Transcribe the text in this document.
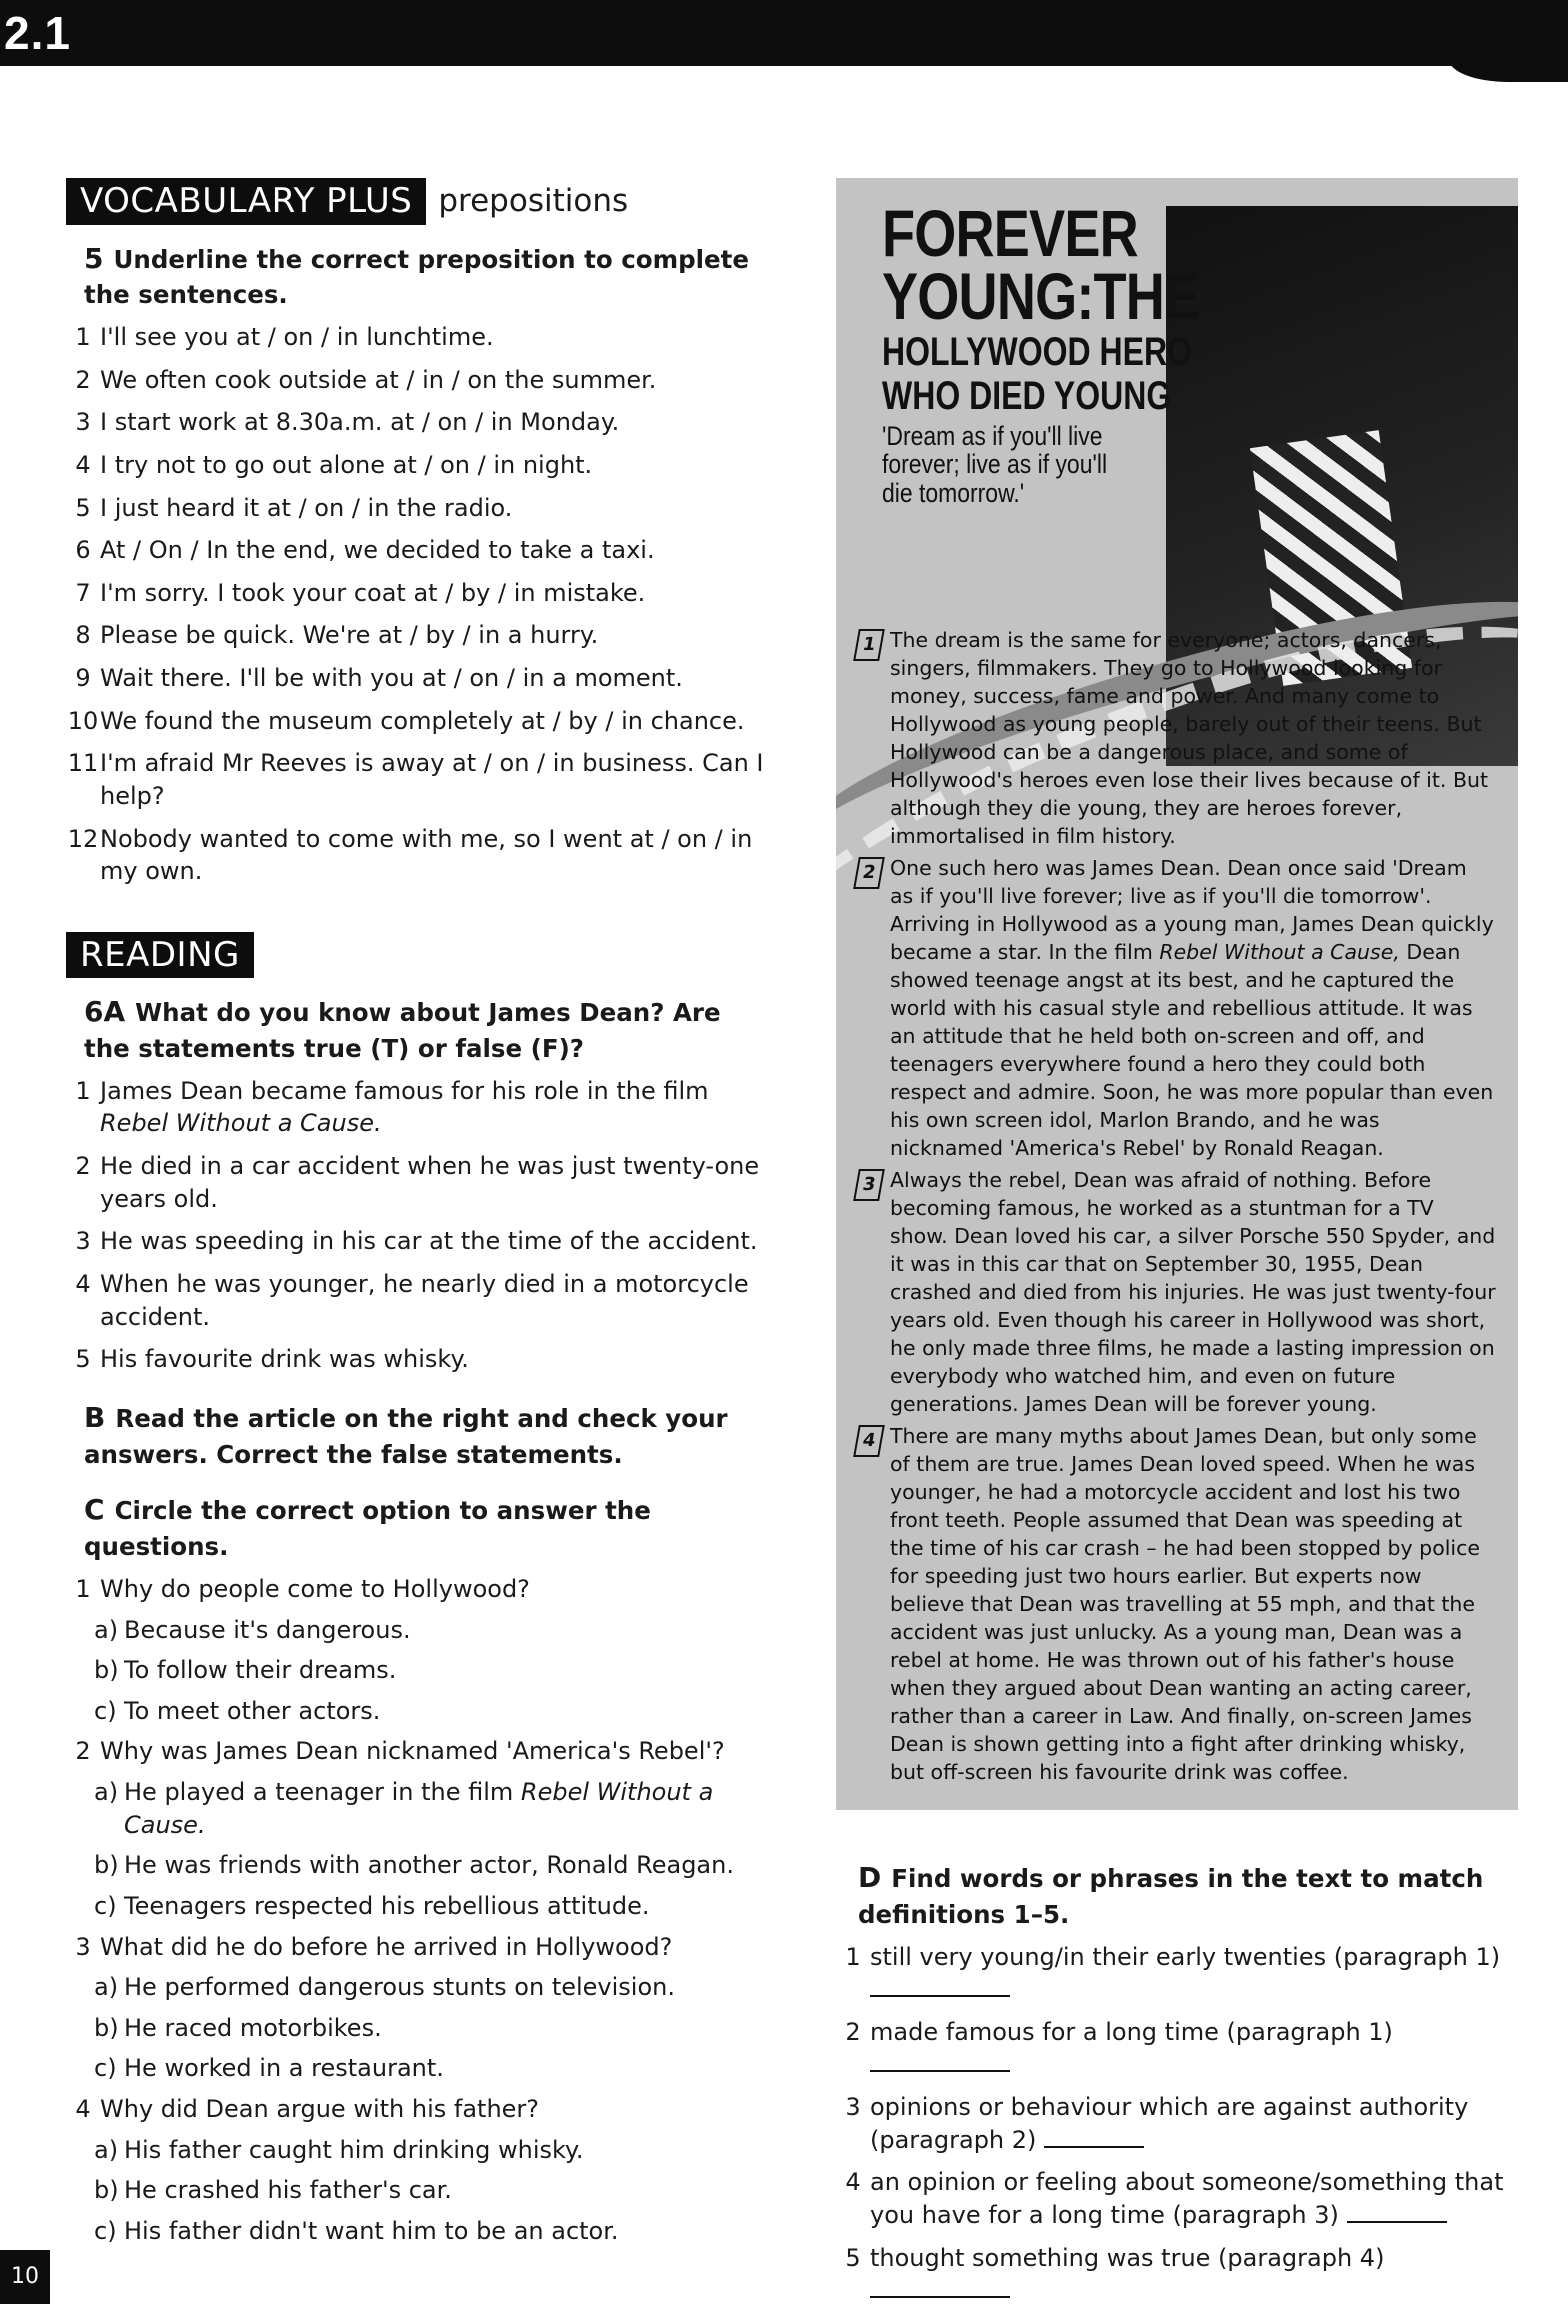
2.1
VOCABULARY PLUS prepositions
5 Underline the correct preposition to complete the sentences.
1 I'll see you at / on / in lunchtime.
2 We often cook outside at / in / on the summer.
3 I start work at 8.30a.m. at / on / in Monday.
4 I try not to go out alone at / on / in night.
5 I just heard it at / on / in the radio.
6 At / On / In the end, we decided to take a taxi.
7 I'm sorry. I took your coat at / by / in mistake.
8 Please be quick. We're at / by / in a hurry.
9 Wait there. I'll be with you at / on / in a moment.
10 We found the museum completely at / by / in chance.
11 I'm afraid Mr Reeves is away at / on / in business. Can I help?
12 Nobody wanted to come with me, so I went at / on / in my own.
READING
6A What do you know about James Dean? Are the statements true (T) or false (F)?
1 James Dean became famous for his role in the film Rebel Without a Cause.
2 He died in a car accident when he was just twenty-one years old.
3 He was speeding in his car at the time of the accident.
4 When he was younger, he nearly died in a motorcycle accident.
5 His favourite drink was whisky.
B Read the article on the right and check your answers. Correct the false statements.
C Circle the correct option to answer the questions.
1 Why do people come to Hollywood?
a) Because it's dangerous.
b) To follow their dreams.
c) To meet other actors.
2 Why was James Dean nicknamed 'America's Rebel'?
a) He played a teenager in the film Rebel Without a Cause.
b) He was friends with another actor, Ronald Reagan.
c) Teenagers respected his rebellious attitude.
3 What did he do before he arrived in Hollywood?
a) He performed dangerous stunts on television.
b) He raced motorbikes.
c) He worked in a restaurant.
4 Why did Dean argue with his father?
a) His father caught him drinking whisky.
b) He crashed his father's car.
c) His father didn't want him to be an actor.
FOREVER
YOUNG:THE
HOLLYWOOD HERO
WHO DIED YOUNG
'Dream as if you'll live forever; live as if you'll die tomorrow.'
1 The dream is the same for everyone; actors, dancers, singers, filmmakers. They go to Hollywood looking for money, success, fame and power. And many come to Hollywood as young people, barely out of their teens. But Hollywood can be a dangerous place, and some of Hollywood's heroes even lose their lives because of it. But although they die young, they are heroes forever, immortalised in film history.
2 One such hero was James Dean. Dean once said 'Dream as if you'll live forever; live as if you'll die tomorrow'. Arriving in Hollywood as a young man, James Dean quickly became a star. In the film Rebel Without a Cause, Dean showed teenage angst at its best, and he captured the world with his casual style and rebellious attitude. It was an attitude that he held both on-screen and off, and teenagers everywhere found a hero they could both respect and admire. Soon, he was more popular than even his own screen idol, Marlon Brando, and he was nicknamed 'America's Rebel' by Ronald Reagan.
3 Always the rebel, Dean was afraid of nothing. Before becoming famous, he worked as a stuntman for a TV show. Dean loved his car, a silver Porsche 550 Spyder, and it was in this car that on September 30, 1955, Dean crashed and died from his injuries. He was just twenty-four years old. Even though his career in Hollywood was short, he only made three films, he made a lasting impression on everybody who watched him, and even on future generations. James Dean will be forever young.
4 There are many myths about James Dean, but only some of them are true. James Dean loved speed. When he was younger, he had a motorcycle accident and lost his two front teeth. People assumed that Dean was speeding at the time of his car crash – he had been stopped by police for speeding just two hours earlier. But experts now believe that Dean was travelling at 55 mph, and that the accident was just unlucky. As a young man, Dean was a rebel at home. He was thrown out of his father's house when they argued about Dean wanting an acting career, rather than a career in Law. And finally, on-screen James Dean is shown getting into a fight after drinking whisky, but off-screen his favourite drink was coffee.
D Find words or phrases in the text to match definitions 1–5.
1 still very young/in their early twenties (paragraph 1)

2 made famous for a long time (paragraph 1)
3 opinions or behaviour which are against authority (paragraph 2)
4 an opinion or feeling about someone/something that you have for a long time (paragraph 3)
5 thought something was true (paragraph 4)
10
